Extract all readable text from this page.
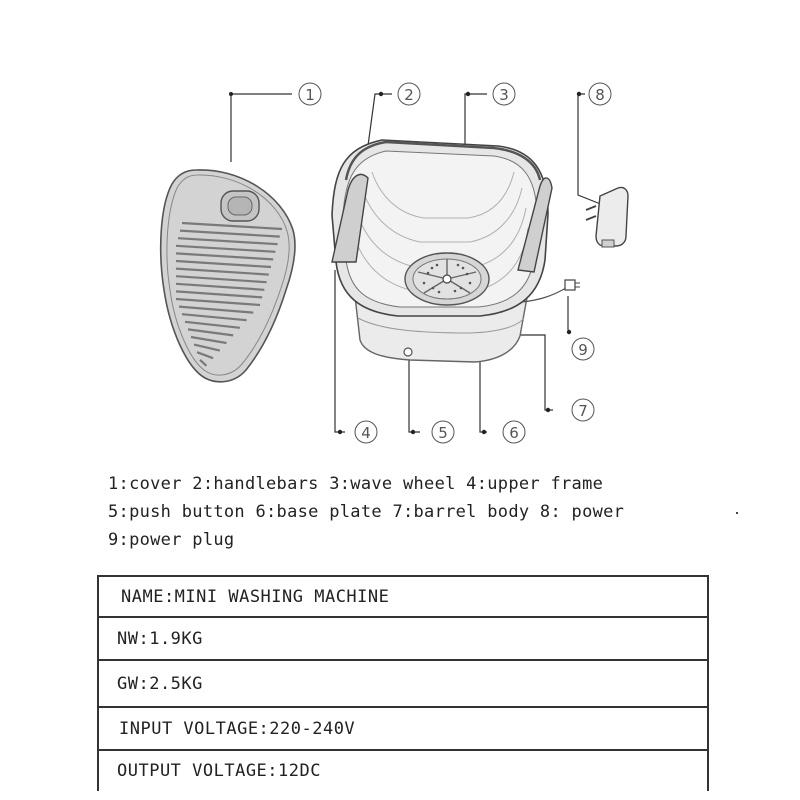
1	2	3	8
9
7
4	5	6
1:cover 2:handlebars 3:wave wheel 4:upper frame
5:push button 6:base plate 7:barrel body 8: power
9:power plug
NAME:MINI WASHING MACHINE
NW:1.9KG
GW:2.5KG
INPUT VOLTAGE:220-240V
OUTPUT VOLTAGE:12DC
